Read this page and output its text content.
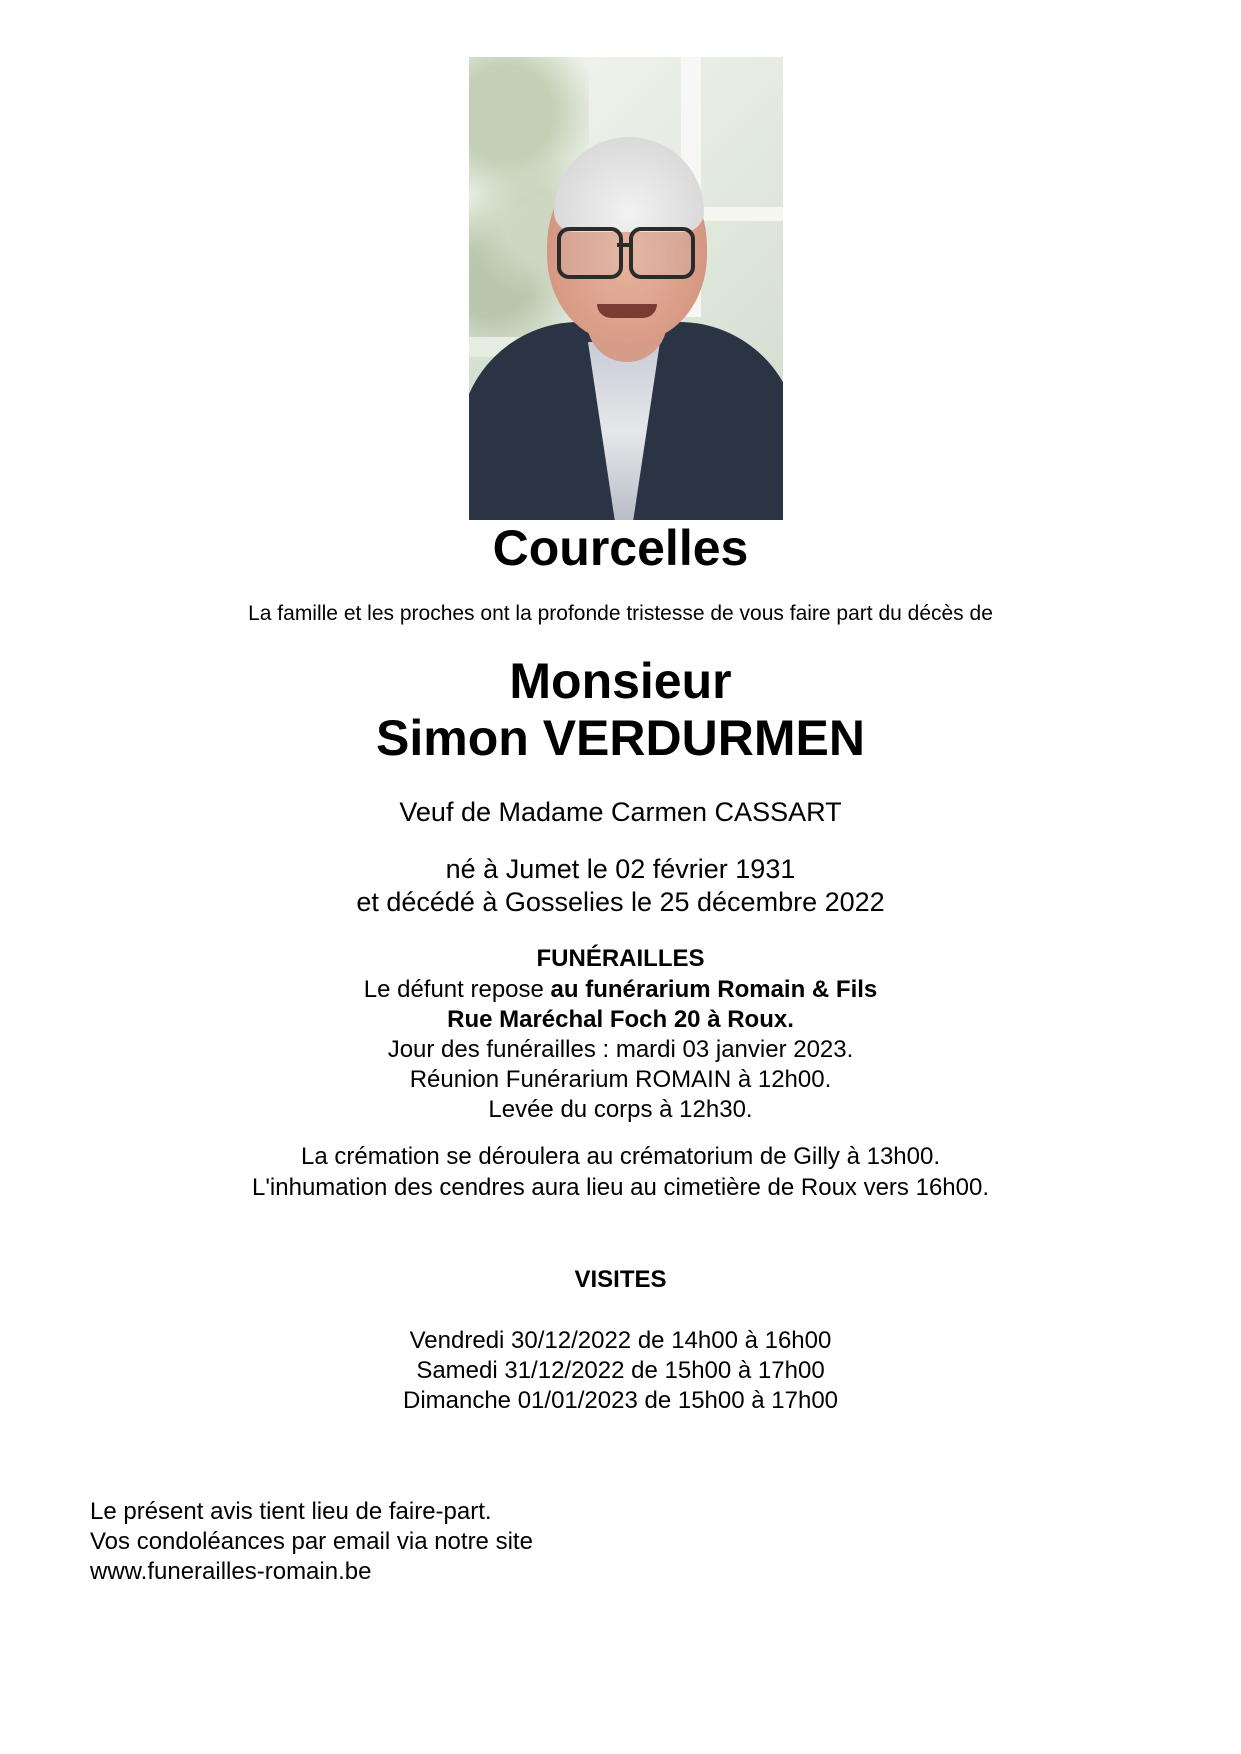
Courcelles
La famille et les proches ont la profonde tristesse de vous faire part du décès de
Monsieur
Simon VERDURMEN
Veuf de Madame Carmen CASSART
né à Jumet le 02 février 1931
et décédé à Gosselies le 25 décembre 2022
FUNÉRAILLES
Le défunt repose au funérarium Romain & Fils
Rue Maréchal Foch 20 à Roux.
Jour des funérailles : mardi 03 janvier 2023.
Réunion Funérarium ROMAIN à 12h00.
Levée du corps à 12h30.
La crémation se déroulera au crématorium de Gilly à 13h00.
L'inhumation des cendres aura lieu au cimetière de Roux vers 16h00.
VISITES
Vendredi 30/12/2022 de 14h00 à 16h00
Samedi 31/12/2022 de 15h00 à 17h00
Dimanche 01/01/2023 de 15h00 à 17h00
Le présent avis tient lieu de faire-part.
Vos condoléances par email via notre site
www.funerailles-romain.be
